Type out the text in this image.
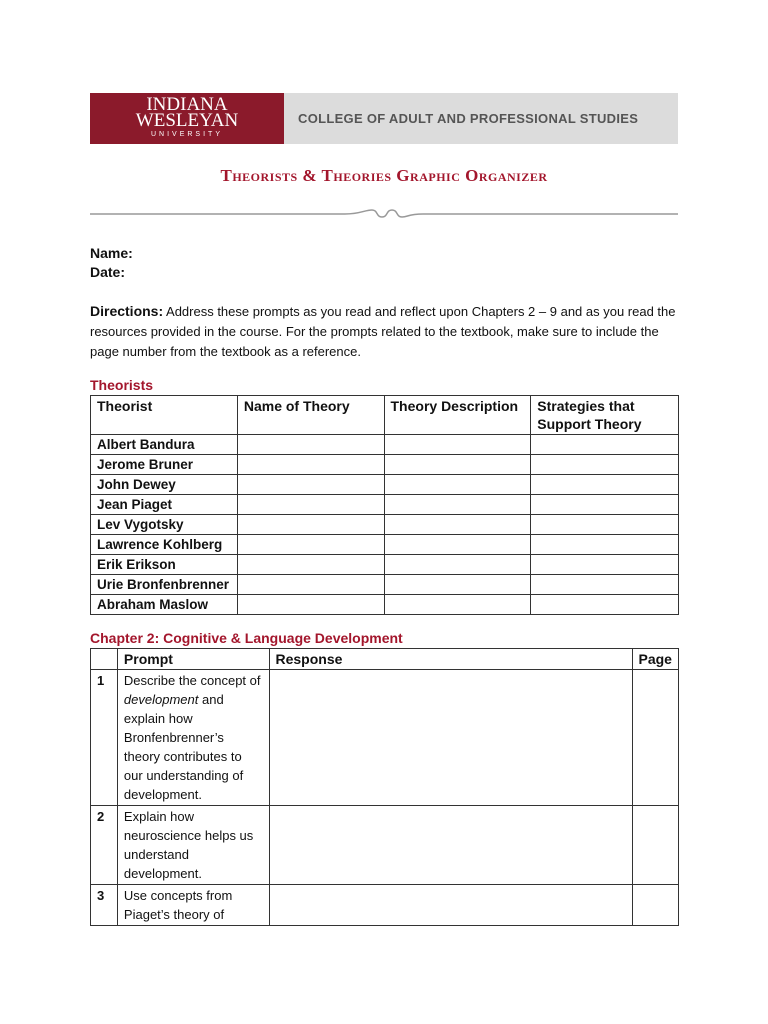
INDIANA
WESLEYAN
UNIVERSITY
COLLEGE OF ADULT AND PROFESSIONAL STUDIES
Theorists & Theories Graphic Organizer
Name:
Date:
Directions: Address these prompts as you read and reflect upon Chapters 2 – 9 and as you read the resources provided in the course. For the prompts related to the textbook, make sure to include the page number from the textbook as a reference.
Theorists
Theorist	Name of Theory	Theory Description	Strategies that Support Theory
Albert Bandura			
Jerome Bruner			
John Dewey			
Jean Piaget			
Lev Vygotsky			
Lawrence Kohlberg			
Erik Erikson			
Urie Bronfenbrenner			
Abraham Maslow			
Chapter 2: Cognitive & Language Development
	Prompt	Response	Page
1	Describe the concept of development and explain how Bronfenbrenner’s theory contributes to our understanding of development.		
2	Explain how neuroscience helps us understand development.		
3	Use concepts from Piaget’s theory of		
